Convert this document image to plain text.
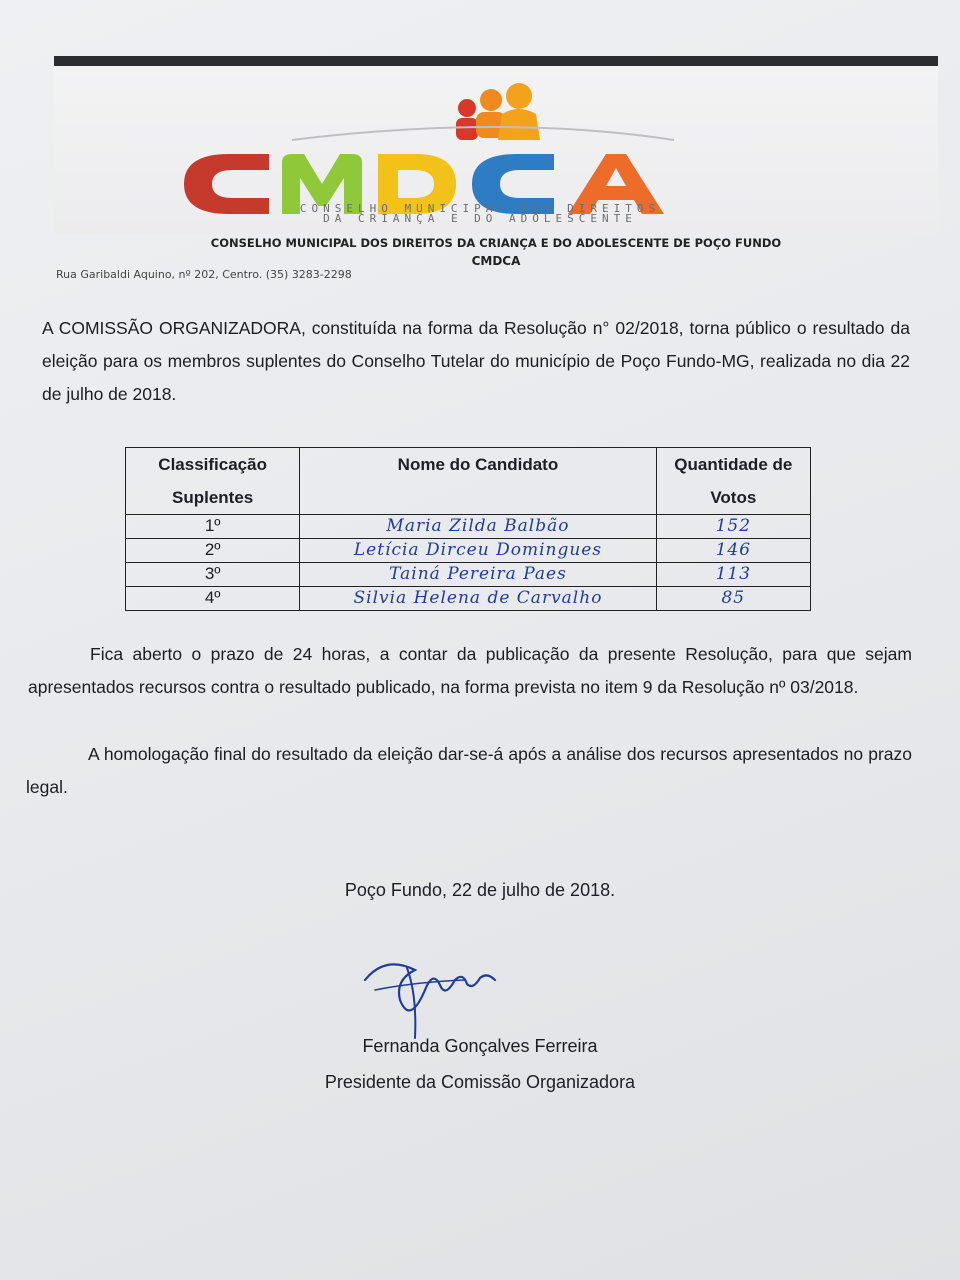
CONSELHO MUNICIPAL DOS DIREITOS
DA CRIANÇA E DO ADOLESCENTE
CONSELHO MUNICIPAL DOS DIREITOS DA CRIANÇA E DO ADOLESCENTE DE POÇO FUNDO
CMDCA
Rua Garibaldi Aquino, nº 202, Centro. (35) 3283-2298
A COMISSÃO ORGANIZADORA, constituída na forma da Resolução n° 02/2018, torna público o resultado da eleição para os membros suplentes do Conselho Tutelar do município de Poço Fundo-MG, realizada no dia 22 de julho de 2018.
Classificação Suplentes	Nome do Candidato	Quantidade de Votos
1º	Maria Zilda Balbão	152
2º	Letícia Dirceu Domingues	146
3º	Tainá Pereira Paes	113
4º	Silvia Helena de Carvalho	85
Fica aberto o prazo de 24 horas, a contar da publicação da presente Resolução, para que sejam apresentados recursos contra o resultado publicado, na forma prevista no item 9 da Resolução nº 03/2018.
A homologação final do resultado da eleição dar-se-á após a análise dos recursos apresentados no prazo legal.
Poço Fundo, 22 de julho de 2018.
Fernanda Gonçalves Ferreira
Presidente da Comissão Organizadora
